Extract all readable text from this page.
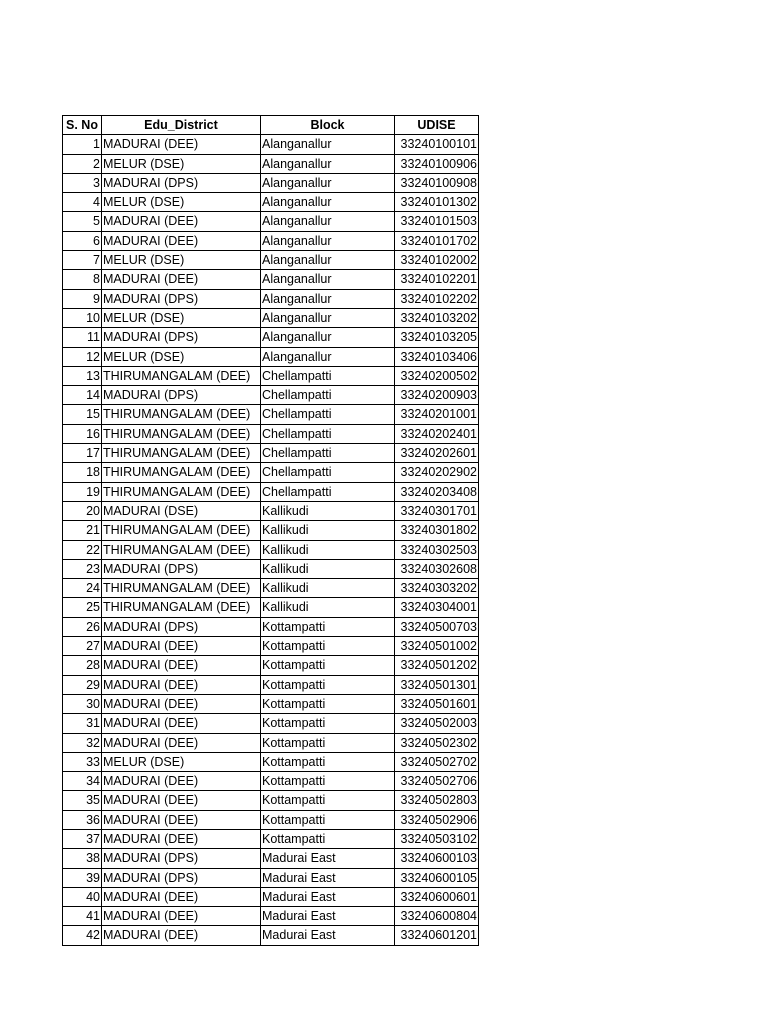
S. No	Edu_District	Block	UDISE
1	MADURAI (DEE)	Alanganallur	33240100101
2	MELUR (DSE)	Alanganallur	33240100906
3	MADURAI (DPS)	Alanganallur	33240100908
4	MELUR (DSE)	Alanganallur	33240101302
5	MADURAI (DEE)	Alanganallur	33240101503
6	MADURAI (DEE)	Alanganallur	33240101702
7	MELUR (DSE)	Alanganallur	33240102002
8	MADURAI (DEE)	Alanganallur	33240102201
9	MADURAI (DPS)	Alanganallur	33240102202
10	MELUR (DSE)	Alanganallur	33240103202
11	MADURAI (DPS)	Alanganallur	33240103205
12	MELUR (DSE)	Alanganallur	33240103406
13	THIRUMANGALAM (DEE)	Chellampatti	33240200502
14	MADURAI (DPS)	Chellampatti	33240200903
15	THIRUMANGALAM (DEE)	Chellampatti	33240201001
16	THIRUMANGALAM (DEE)	Chellampatti	33240202401
17	THIRUMANGALAM (DEE)	Chellampatti	33240202601
18	THIRUMANGALAM (DEE)	Chellampatti	33240202902
19	THIRUMANGALAM (DEE)	Chellampatti	33240203408
20	MADURAI (DSE)	Kallikudi	33240301701
21	THIRUMANGALAM (DEE)	Kallikudi	33240301802
22	THIRUMANGALAM (DEE)	Kallikudi	33240302503
23	MADURAI (DPS)	Kallikudi	33240302608
24	THIRUMANGALAM (DEE)	Kallikudi	33240303202
25	THIRUMANGALAM (DEE)	Kallikudi	33240304001
26	MADURAI (DPS)	Kottampatti	33240500703
27	MADURAI (DEE)	Kottampatti	33240501002
28	MADURAI (DEE)	Kottampatti	33240501202
29	MADURAI (DEE)	Kottampatti	33240501301
30	MADURAI (DEE)	Kottampatti	33240501601
31	MADURAI (DEE)	Kottampatti	33240502003
32	MADURAI (DEE)	Kottampatti	33240502302
33	MELUR (DSE)	Kottampatti	33240502702
34	MADURAI (DEE)	Kottampatti	33240502706
35	MADURAI (DEE)	Kottampatti	33240502803
36	MADURAI (DEE)	Kottampatti	33240502906
37	MADURAI (DEE)	Kottampatti	33240503102
38	MADURAI (DPS)	Madurai East	33240600103
39	MADURAI (DPS)	Madurai East	33240600105
40	MADURAI (DEE)	Madurai East	33240600601
41	MADURAI (DEE)	Madurai East	33240600804
42	MADURAI (DEE)	Madurai East	33240601201
